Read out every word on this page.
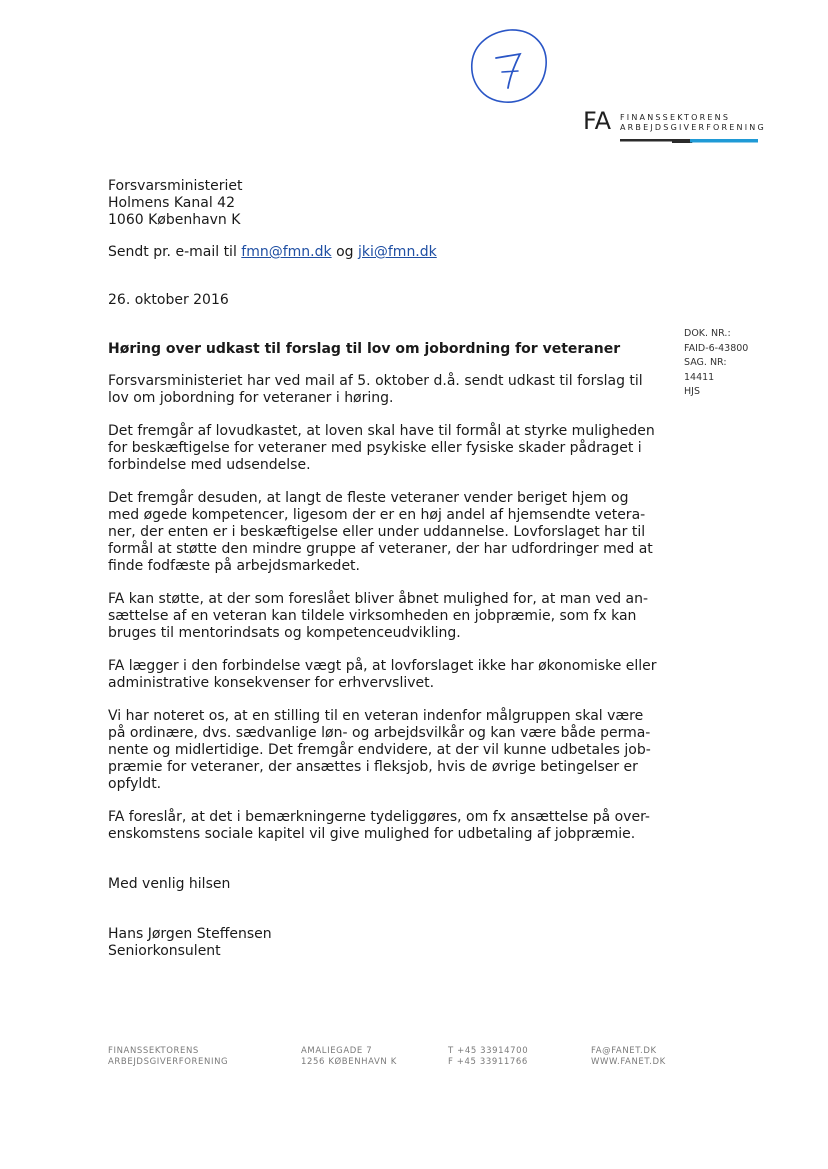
FA FINANSSEKTORENS
ARBEJDSGIVERFORENING
Forsvarsministeriet
Holmens Kanal 42
1060 København K
Sendt pr. e-mail til fmn@fmn.dk og jki@fmn.dk
26. oktober 2016
DOK. NR.:
FAID-6-43800
SAG. NR:
14411
HJS
Høring over udkast til forslag til lov om jobordning for veteraner
Forsvarsministeriet har ved mail af 5. oktober d.å. sendt udkast til forslag til
lov om jobordning for veteraner i høring.
Det fremgår af lovudkastet, at loven skal have til formål at styrke muligheden
for beskæftigelse for veteraner med psykiske eller fysiske skader pådraget i
forbindelse med udsendelse.
Det fremgår desuden, at langt de fleste veteraner vender beriget hjem og
med øgede kompetencer, ligesom der er en høj andel af hjemsendte vetera-
ner, der enten er i beskæftigelse eller under uddannelse. Lovforslaget har til
formål at støtte den mindre gruppe af veteraner, der har udfordringer med at
finde fodfæste på arbejdsmarkedet.
FA kan støtte, at der som foreslået bliver åbnet mulighed for, at man ved an-
sættelse af en veteran kan tildele virksomheden en jobpræmie, som fx kan
bruges til mentorindsats og kompetenceudvikling.
FA lægger i den forbindelse vægt på, at lovforslaget ikke har økonomiske eller
administrative konsekvenser for erhvervslivet.
Vi har noteret os, at en stilling til en veteran indenfor målgruppen skal være
på ordinære, dvs. sædvanlige løn- og arbejdsvilkår og kan være både perma-
nente og midlertidige. Det fremgår endvidere, at der vil kunne udbetales job-
præmie for veteraner, der ansættes i fleksjob, hvis de øvrige betingelser er
opfyldt.
FA foreslår, at det i bemærkningerne tydeliggøres, om fx ansættelse på over-
enskomstens sociale kapitel vil give mulighed for udbetaling af jobpræmie.
Med venlig hilsen
Hans Jørgen Steffensen
Seniorkonsulent
FINANSSEKTORENS
ARBEJDSGIVERFORENING
AMALIEGADE 7
1256 KØBENHAVN K
T +45 33914700
F +45 33911766
FA@FANET.DK
WWW.FANET.DK
